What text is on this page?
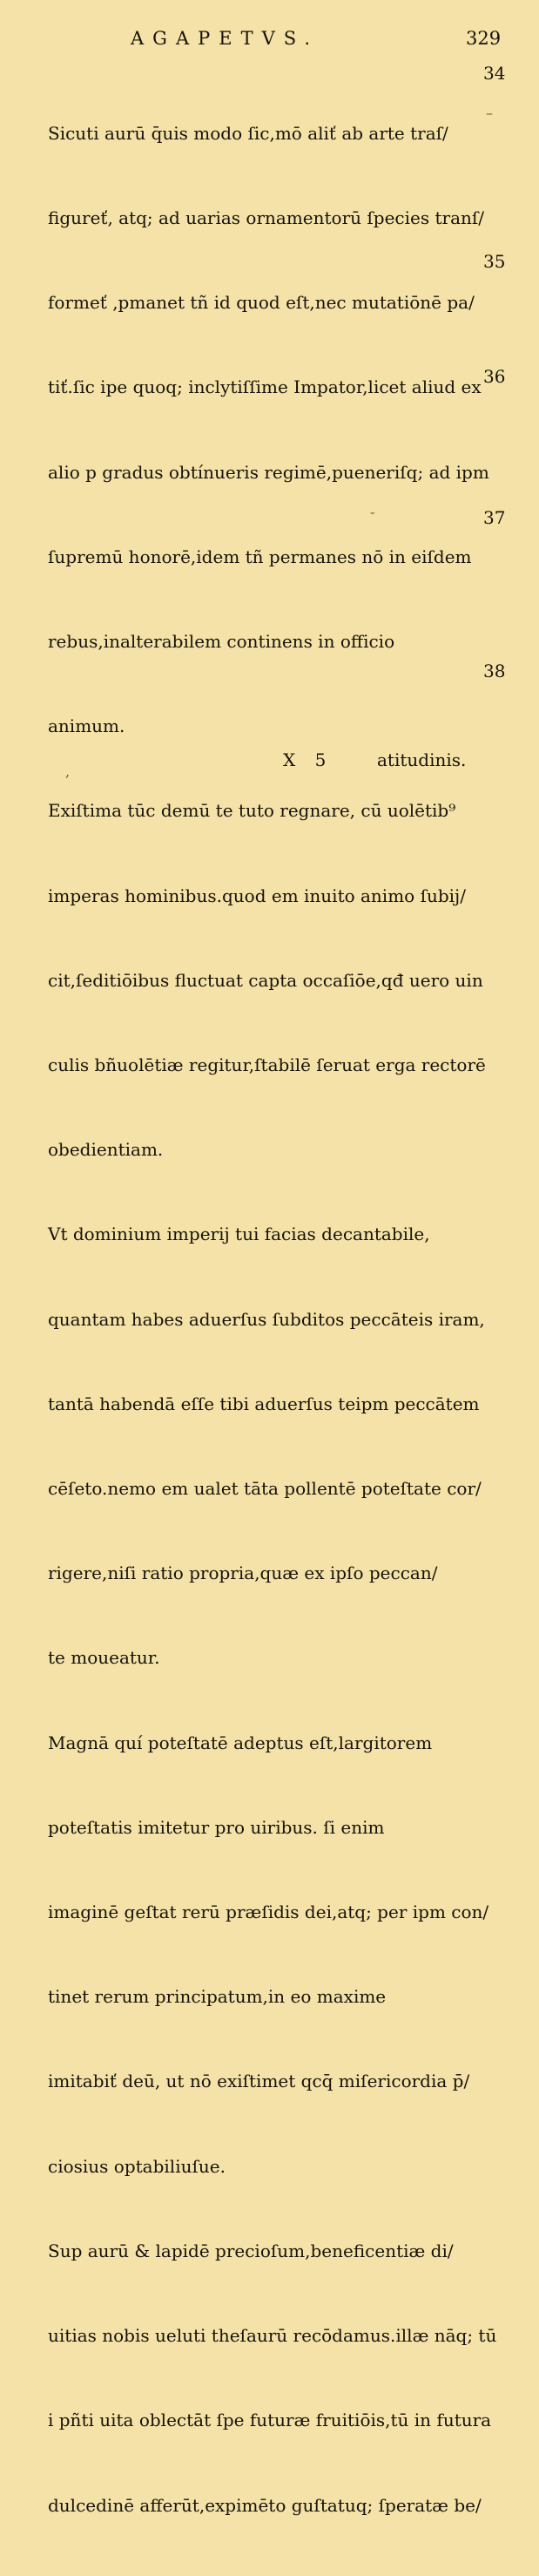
AGAPETVS.	329

Sicuti aurū q̄uis modo ſic,mō aliť ab arte traſ/

figureť, atq; ad uarias ornamentorū ſpecies tranſ/

formeť ,pmanet tñ id quod eſt,nec mutatiōnē pa/

tiť.ſic ipe quoq; inclytiſſime Impator,licet aliud ex

alio p gradus obtínueris regimē,pueneriſq; ad ipm

ſupremū honorē,idem tñ permanes nō in eiſdem

rebus,inalterabilem continens in officio

animum.

Exiſtima tūc demū te tuto regnare, cū uolētib⁹

imperas hominibus.quod em inuito animo ſubij/

cit,ſeditiōibus fluctuat capta occaſiōe,qđ uero uin

culis bñuolētiæ regitur,ſtabilē ſeruat erga rectorē

obedientiam.

Vt dominium imperij tui facias decantabile,

quantam habes aduerſus ſubditos peccāteis iram,

tantā habendā eſſe tibi aduerſus teipm peccātem

cēſeto.nemo em ualet tāta pollentē poteſtate cor/

rigere,niſi ratio propria,quæ ex ipſo peccan/

te moueatur.

Magnā quí poteſtatē adeptus eſt,largitorem

poteſtatis imitetur pro uiribus. ſi enim

imaginē geſtat rerū præſidis dei,atq; per ipm con/

tinet rerum principatum,in eo maxime

imitabiť deū, ut nō exiſtimet qcq̄ miſericordia p̄/

ciosius optabiliuſue.

Sup aurū & lapidē precioſum,beneficentiæ di/

uitias nobis ueluti theſaurū recōdamus.illæ nāq; tū

i pñti uita oblectāt ſpe futuræ fruitiōis,tū in futura

dulcedinē afferūt,expimēto guſtatuq; ſperatæ be/

34
35
36
37
38
–
-
,
X 5	atitudinis.
